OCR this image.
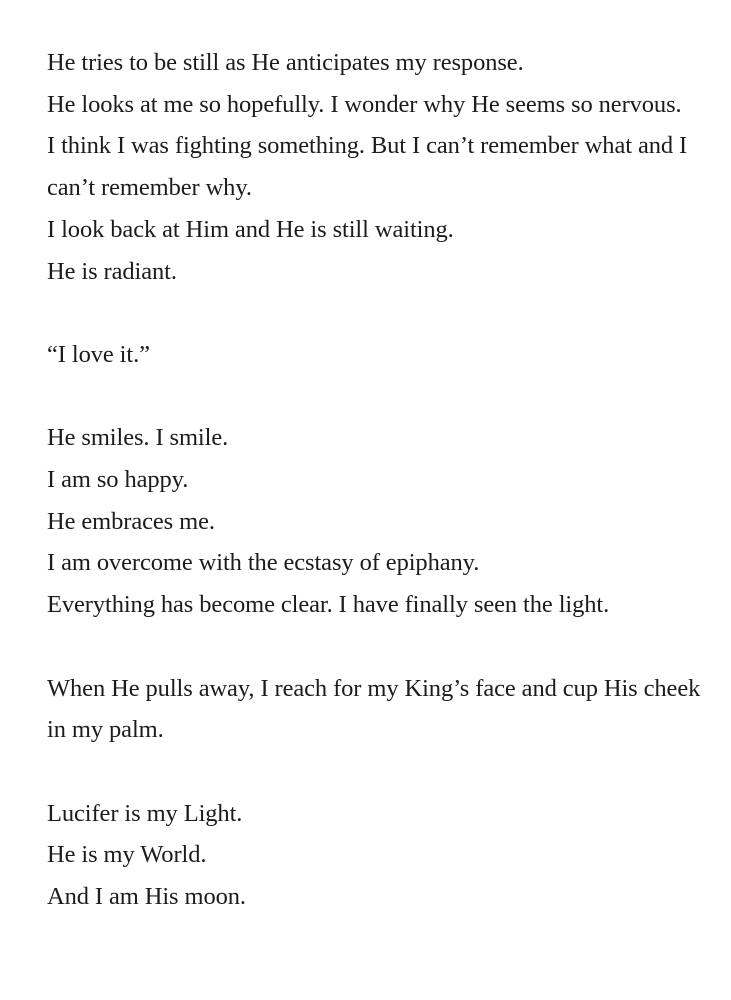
He tries to be still as He anticipates my response.
He looks at me so hopefully. I wonder why He seems so nervous.
I think I was fighting something. But I can’t remember what and I can’t remember why.
I look back at Him and He is still waiting.
He is radiant.
“I love it.”
He smiles. I smile.
I am so happy.
He embraces me.
I am overcome with the ecstasy of epiphany.
Everything has become clear. I have finally seen the light.
When He pulls away, I reach for my King’s face and cup His cheek in my palm.
Lucifer is my Light.
He is my World.
And I am His moon.
